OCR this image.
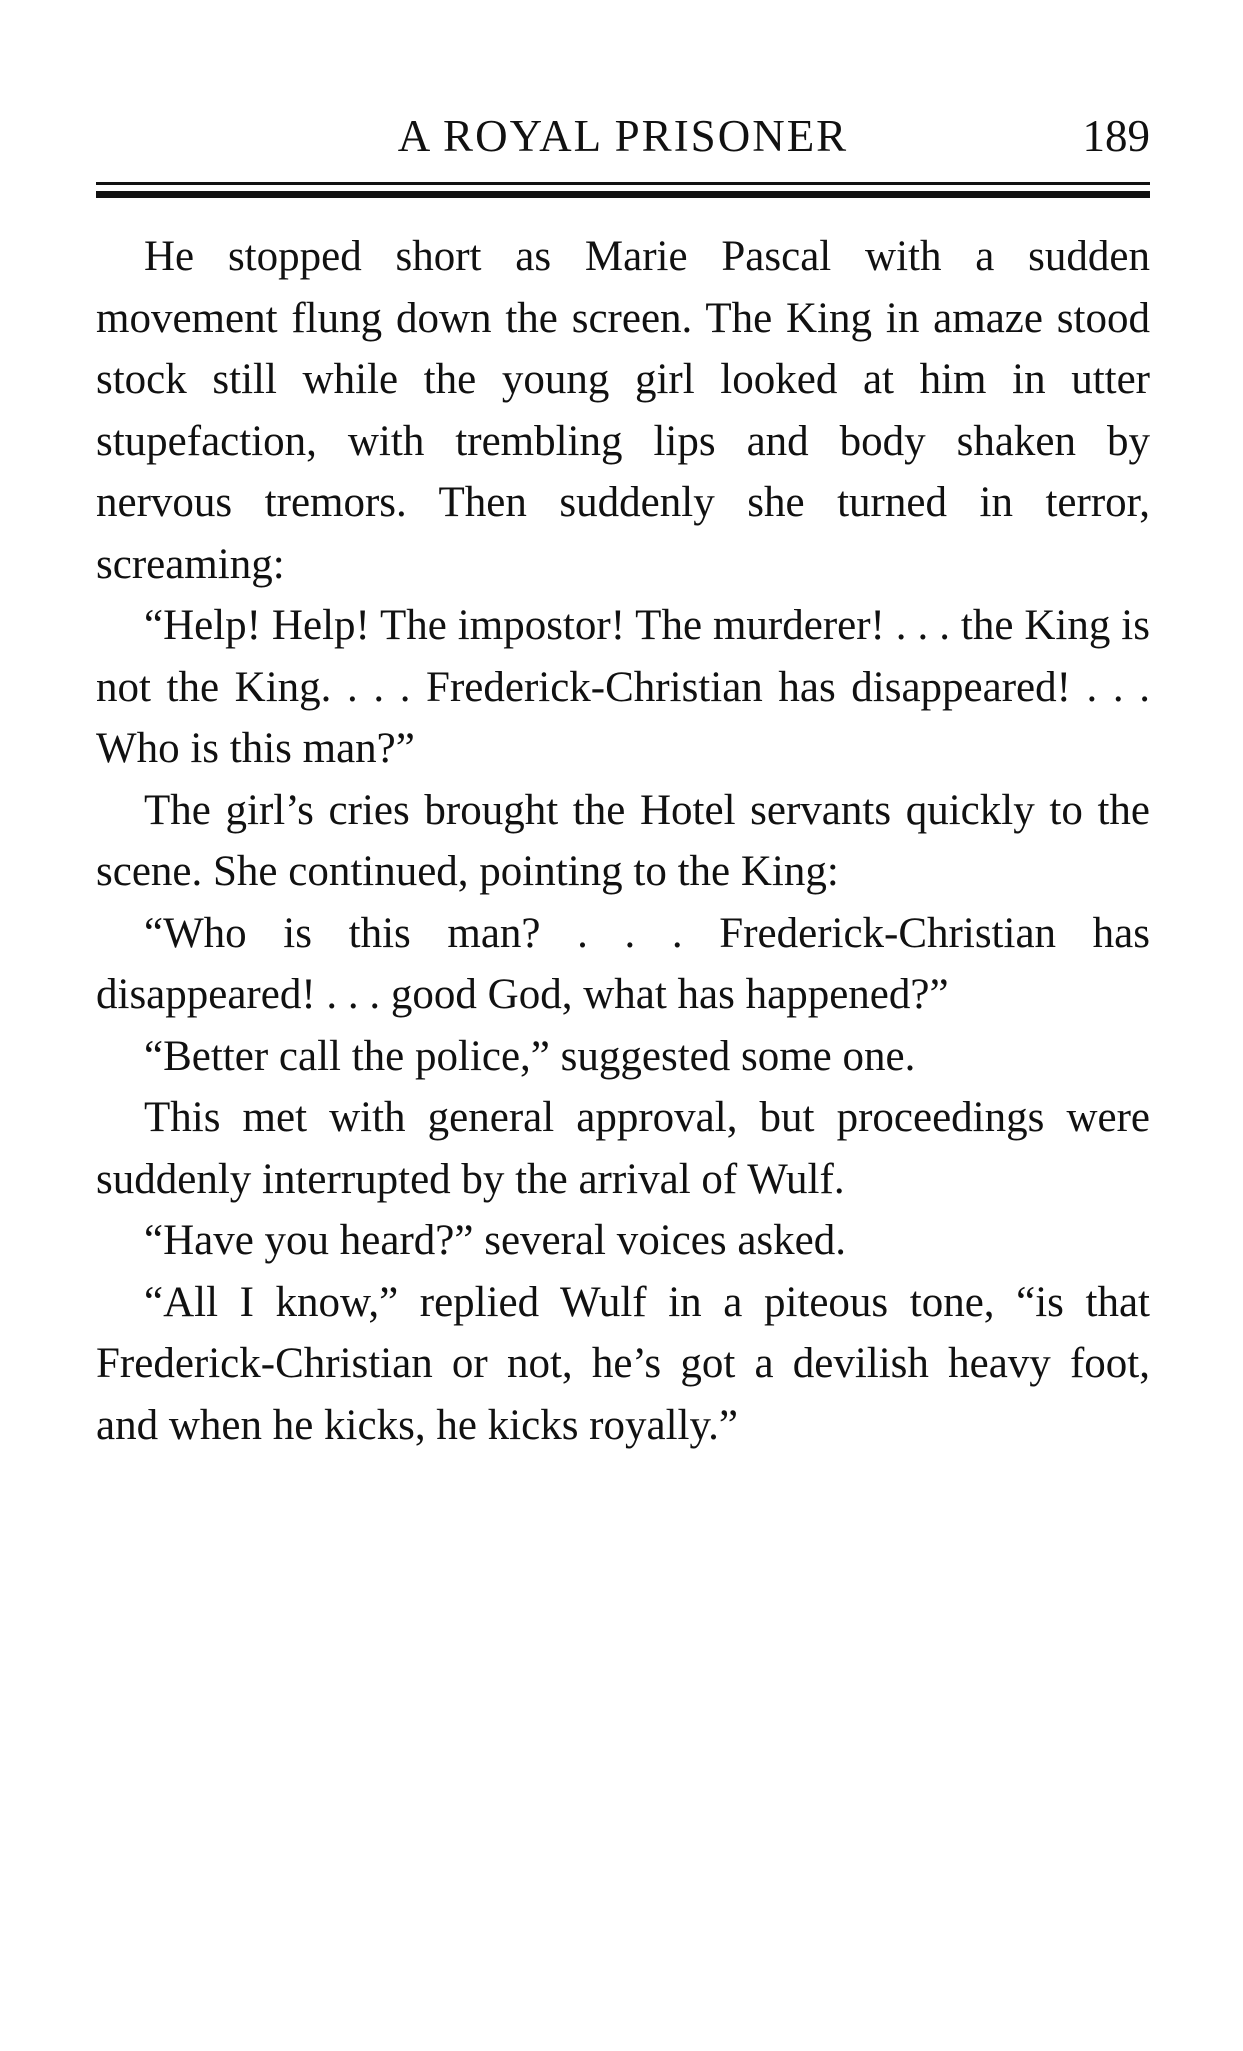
A ROYAL PRISONER	189

He stopped short as Marie Pascal with a sudden movement flung down the screen. The King in amaze stood stock still while the young girl looked at him in utter stupefaction, with trembling lips and body shaken by nervous tremors. Then suddenly she turned in terror, screaming:

“Help! Help! The impostor! The murderer! . . . the King is not the King. . . . Frederick-Christian has disappeared! . . . Who is this man?”

The girl’s cries brought the Hotel servants quickly to the scene. She continued, pointing to the King:

“Who is this man? . . . Frederick-Christian has disappeared! . . . good God, what has happened?”

“Better call the police,” suggested some one.

This met with general approval, but proceedings were suddenly interrupted by the arrival of Wulf.

“Have you heard?” several voices asked.

“All I know,” replied Wulf in a piteous tone, “is that Frederick-Christian or not, he’s got a devilish heavy foot, and when he kicks, he kicks royally.”
